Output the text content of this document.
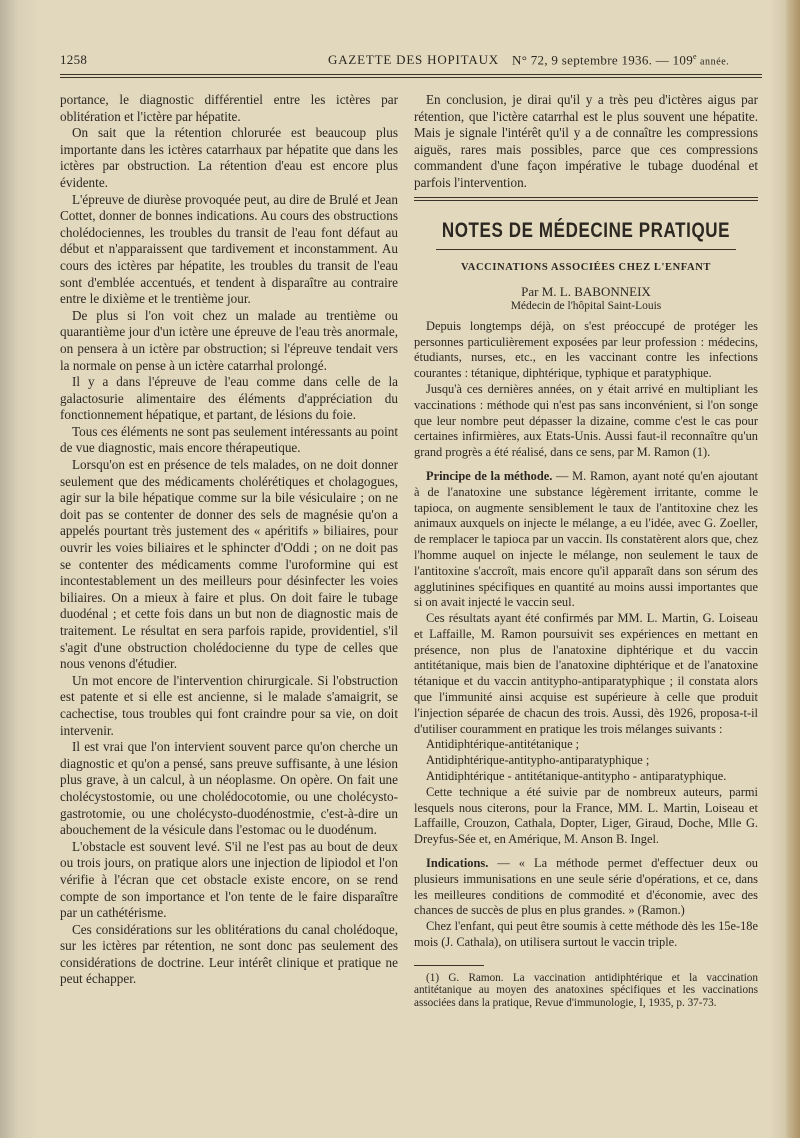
1258	GAZETTE DES HOPITAUX N° 72, 9 septembre 1936. — 109e année.

portance, le diagnostic différentiel entre les ictères par oblitération et l'ictère par hépatite.

On sait que la rétention chlorurée est beaucoup plus importante dans les ictères catarrhaux par hépatite que dans les ictères par obstruction. La rétention d'eau est encore plus évidente.

L'épreuve de diurèse provoquée peut, au dire de Brulé et Jean Cottet, donner de bonnes indications. Au cours des obstructions cholédociennes, les troubles du transit de l'eau font défaut au début et n'apparaissent que tardivement et inconstamment. Au cours des ictères par hépatite, les troubles du transit de l'eau sont d'emblée accentués, et tendent à disparaître au contraire entre le dixième et le trentième jour.

De plus si l'on voit chez un malade au trentième ou quarantième jour d'un ictère une épreuve de l'eau très anormale, on pensera à un ictère par obstruction; si l'épreuve tendait vers la normale on pense à un ictère catarrhal prolongé.

Il y a dans l'épreuve de l'eau comme dans celle de la galactosurie alimentaire des éléments d'appréciation du fonctionnement hépatique, et partant, de lésions du foie.

Tous ces éléments ne sont pas seulement intéressants au point de vue diagnostic, mais encore thérapeutique.

Lorsqu'on est en présence de tels malades, on ne doit donner seulement que des médicaments cholérétiques et cholagogues, agir sur la bile hépatique comme sur la bile vésiculaire ; on ne doit pas se contenter de donner des sels de magnésie qu'on a appelés pourtant très justement des « apéritifs » biliaires, pour ouvrir les voies biliaires et le sphincter d'Oddi ; on ne doit pas se contenter des médicaments comme l'uroformine qui est incontestablement un des meilleurs pour désinfecter les voies biliaires. On a mieux à faire et plus. On doit faire le tubage duodénal ; et cette fois dans un but non de diagnostic mais de traitement. Le résultat en sera parfois rapide, providentiel, s'il s'agit d'une obstruction cholédocienne du type de celles que nous venons d'étudier.

Un mot encore de l'intervention chirurgicale. Si l'obstruction est patente et si elle est ancienne, si le malade s'amaigrit, se cachectise, tous troubles qui font craindre pour sa vie, on doit intervenir.

Il est vrai que l'on intervient souvent parce qu'on cherche un diagnostic et qu'on a pensé, sans preuve suffisante, à une lésion plus grave, à un calcul, à un néoplasme. On opère. On fait une cholécystostomie, ou une cholédocotomie, ou une cholécysto-gastrotomie, ou une cholécysto-duodénostmie, c'est-à-dire un abouchement de la vésicule dans l'estomac ou le duodénum.

L'obstacle est souvent levé. S'il ne l'est pas au bout de deux ou trois jours, on pratique alors une injection de lipiodol et l'on vérifie à l'écran que cet obstacle existe encore, on se rend compte de son importance et l'on tente de le faire disparaître par un cathétérisme.

Ces considérations sur les oblitérations du canal cholédoque, sur les ictères par rétention, ne sont donc pas seulement des considérations de doctrine. Leur intérêt clinique et pratique ne peut échapper.

En conclusion, je dirai qu'il y a très peu d'ictères aigus par rétention, que l'ictère catarrhal est le plus souvent une hépatite. Mais je signale l'intérêt qu'il y a de connaître les compressions aiguës, rares mais possibles, parce que ces compressions commandent d'une façon impérative le tubage duodénal et parfois l'intervention.

NOTES DE MÉDECINE PRATIQUE
VACCINATIONS ASSOCIÉES CHEZ L'ENFANT
Par M. L. BABONNEIX
Médecin de l'hôpital Saint-Louis

Depuis longtemps déjà, on s'est préoccupé de protéger les personnes particulièrement exposées par leur profession : médecins, étudiants, nurses, etc., en les vaccinant contre les infections courantes : tétanique, diphtérique, typhique et paratyphique.

Jusqu'à ces dernières années, on y était arrivé en multipliant les vaccinations : méthode qui n'est pas sans inconvénient, si l'on songe que leur nombre peut dépasser la dizaine, comme c'est le cas pour certaines infirmières, aux Etats-Unis. Aussi faut-il reconnaître qu'un grand progrès a été réalisé, dans ce sens, par M. Ramon (1).

Principe de la méthode. — M. Ramon, ayant noté qu'en ajoutant à de l'anatoxine une substance légèrement irritante, comme le tapioca, on augmente sensiblement le taux de l'antitoxine chez les animaux auxquels on injecte le mélange, a eu l'idée, avec G. Zoeller, de remplacer le tapioca par un vaccin. Ils constatèrent alors que, chez l'homme auquel on injecte le mélange, non seulement le taux de l'antitoxine s'accroît, mais encore qu'il apparaît dans son sérum des agglutinines spécifiques en quantité au moins aussi importantes que si on avait injecté le vaccin seul.

Ces résultats ayant été confirmés par MM. L. Martin, G. Loiseau et Laffaille, M. Ramon poursuivit ses expériences en mettant en présence, non plus de l'anatoxine diphtérique et du vaccin antitétanique, mais bien de l'anatoxine diphtérique et de l'anatoxine tétanique et du vaccin antitypho-antiparatyphique ; il constata alors que l'immunité ainsi acquise est supérieure à celle que produit l'injection séparée de chacun des trois. Aussi, dès 1926, proposa-t-il d'utiliser couramment en pratique les trois mélanges suivants :

Antidiphtérique-antitétanique ;

Antidiphtérique-antitypho-antiparatyphique ;

Antidiphtérique - antitétanique-antitypho - antiparatyphique.

Cette technique a été suivie par de nombreux auteurs, parmi lesquels nous citerons, pour la France, MM. L. Martin, Loiseau et Laffaille, Crouzon, Cathala, Dopter, Liger, Giraud, Doche, Mlle G. Dreyfus-Sée et, en Amérique, M. Anson B. Ingel.

Indications. — « La méthode permet d'effectuer deux ou plusieurs immunisations en une seule série d'opérations, et ce, dans les meilleures conditions de commodité et d'économie, avec des chances de succès de plus en plus grandes. » (Ramon.)

Chez l'enfant, qui peut être soumis à cette méthode dès les 15e-18e mois (J. Cathala), on utilisera surtout le vaccin triple.

(1) G. Ramon. La vaccination antidiphtérique et la vaccination antitétanique au moyen des anatoxines spécifiques et les vaccinations associées dans la pratique, Revue d'immunologie, I, 1935, p. 37-73.
